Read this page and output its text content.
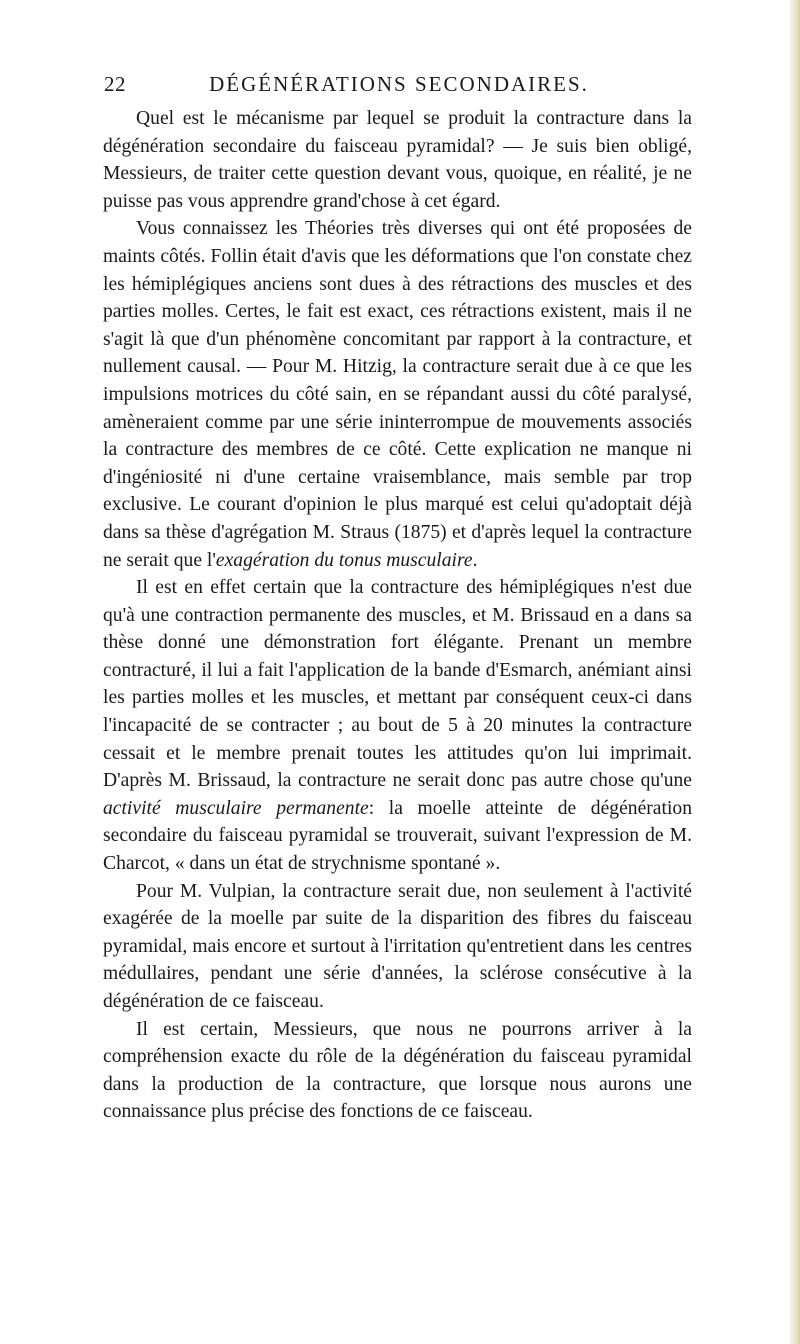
22	DÉGÉNÉRATIONS SECONDAIRES.

Quel est le mécanisme par lequel se produit la contracture dans la dégénération secondaire du faisceau pyramidal? — Je suis bien obligé, Messieurs, de traiter cette question devant vous, quoique, en réalité, je ne puisse pas vous apprendre grand'chose à cet égard.

Vous connaissez les Théories très diverses qui ont été proposées de maints côtés. Follin était d'avis que les déformations que l'on constate chez les hémiplégiques anciens sont dues à des rétractions des muscles et des parties molles. Certes, le fait est exact, ces rétractions existent, mais il ne s'agit là que d'un phénomène concomitant par rapport à la contracture, et nullement causal. — Pour M. Hitzig, la contracture serait due à ce que les impulsions motrices du côté sain, en se répandant aussi du côté paralysé, amèneraient comme par une série ininterrompue de mouvements associés la contracture des membres de ce côté. Cette explication ne manque ni d'ingéniosité ni d'une certaine vraisemblance, mais semble par trop exclusive. Le courant d'opinion le plus marqué est celui qu'adoptait déjà dans sa thèse d'agrégation M. Straus (1875) et d'après lequel la contracture ne serait que l'exagération du tonus musculaire.

Il est en effet certain que la contracture des hémiplégiques n'est due qu'à une contraction permanente des muscles, et M. Brissaud en a dans sa thèse donné une démonstration fort élégante. Prenant un membre contracturé, il lui a fait l'application de la bande d'Esmarch, anémiant ainsi les parties molles et les muscles, et mettant par conséquent ceux-ci dans l'incapacité de se contracter ; au bout de 5 à 20 minutes la contracture cessait et le membre prenait toutes les attitudes qu'on lui imprimait. D'après M. Brissaud, la contracture ne serait donc pas autre chose qu'une activité musculaire permanente: la moelle atteinte de dégénération secondaire du faisceau pyramidal se trouverait, suivant l'expression de M. Charcot, « dans un état de strychnisme spontané ».

Pour M. Vulpian, la contracture serait due, non seulement à l'activité exagérée de la moelle par suite de la disparition des fibres du faisceau pyramidal, mais encore et surtout à l'irritation qu'entretient dans les centres médullaires, pendant une série d'années, la sclérose consécutive à la dégénération de ce faisceau.

Il est certain, Messieurs, que nous ne pourrons arriver à la compréhension exacte du rôle de la dégénération du faisceau pyramidal dans la production de la contracture, que lorsque nous aurons une connaissance plus précise des fonctions de ce faisceau.
